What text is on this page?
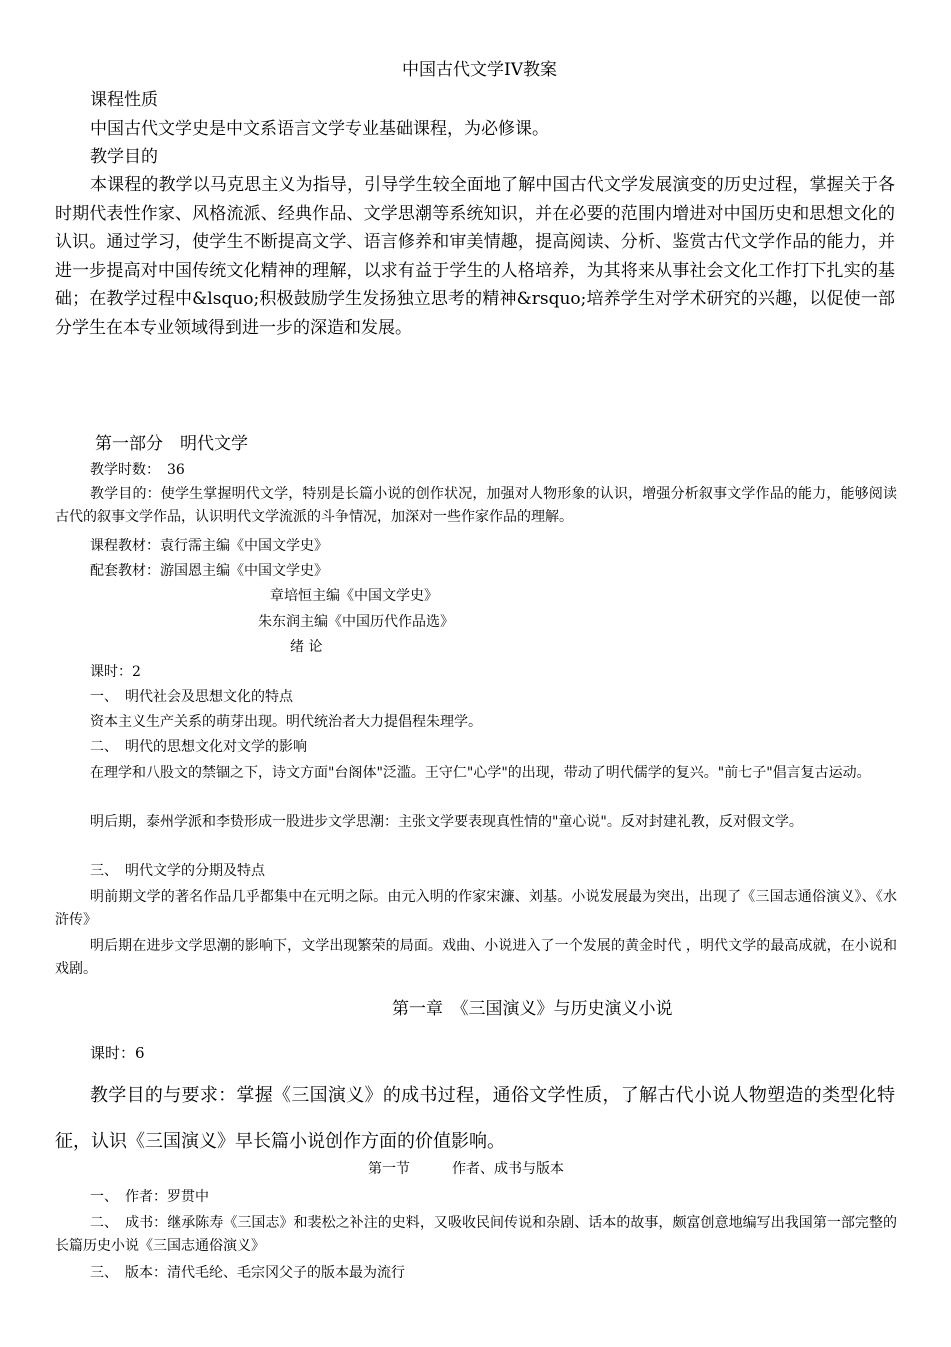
中国古代文学IV教案
课程性质
中国古代文学史是中文系语言文学专业基础课程，为必修课。
教学目的

本课程的教学以马克思主义为指导，引导学生较全面地了解中国古代文学发展演变的历史过程，掌握关于各时期代表性作家、风格流派、经典作品、文学思潮等系统知识，并在必要的范围内增进对中国历史和思想文化的认识。通过学习，使学生不断提高文学、语言修养和审美情趣，提高阅读、分析、鉴赏古代文学作品的能力，并进一步提高对中国传统文化精神的理解，以求有益于学生的人格培养，为其将来从事社会文化工作打下扎实的基础；在教学过程中&lsquo;积极鼓励学生发扬独立思考的精神&rsquo;培养学生对学术研究的兴趣，以促使一部分学生在本专业领域得到进一步的深造和发展。

第一部分　明代文学
教学时数：　36

教学目的：使学生掌握明代文学，特别是长篇小说的创作状况，加强对人物形象的认识，增强分析叙事文学作品的能力，能够阅读古代的叙事文学作品，认识明代文学流派的斗争情况，加深对一些作家作品的理解。

课程教材：袁行霈主编《中国文学史》
配套教材：游国恩主编《中国文学史》
章培恒主编《中国文学史》
朱东润主编《中国历代作品选》
绪 论
课时：2
一、　明代社会及思想文化的特点
资本主义生产关系的萌芽出现。明代统治者大力提倡程朱理学。
二、　明代的思想文化对文学的影响

在理学和八股文的禁锢之下，诗文方面"台阁体"泛滥。王守仁"心学"的出现，带动了明代儒学的复兴。"前七子"倡言复古运动。

明后期，泰州学派和李贽形成一股进步文学思潮：主张文学要表现真性情的"童心说"。反对封建礼教，反对假文学。

三、　明代文学的分期及特点

明前期文学的著名作品几乎都集中在元明之际。由元入明的作家宋濂、刘基。小说发展最为突出，出现了《三国志通俗演义》、《水浒传》

明后期在进步文学思潮的影响下，文学出现繁荣的局面。戏曲、小说进入了一个发展的黄金时代 ，明代文学的最高成就，在小说和戏剧。

第一章　《三国演义》与历史演义小说
课时：6

教学目的与要求：掌握《三国演义》的成书过程，通俗文学性质，了解古代小说人物塑造的类型化特征，认识《三国演义》早长篇小说创作方面的价值影响。

第一节　　　作者、成书与版本
一、　作者：罗贯中

二、　成书：继承陈寿《三国志》和裴松之补注的史料，又吸收民间传说和杂剧、话本的故事，颇富创意地编写出我国第一部完整的长篇历史小说《三国志通俗演义》

三、　版本：清代毛纶、毛宗冈父子的版本最为流行
